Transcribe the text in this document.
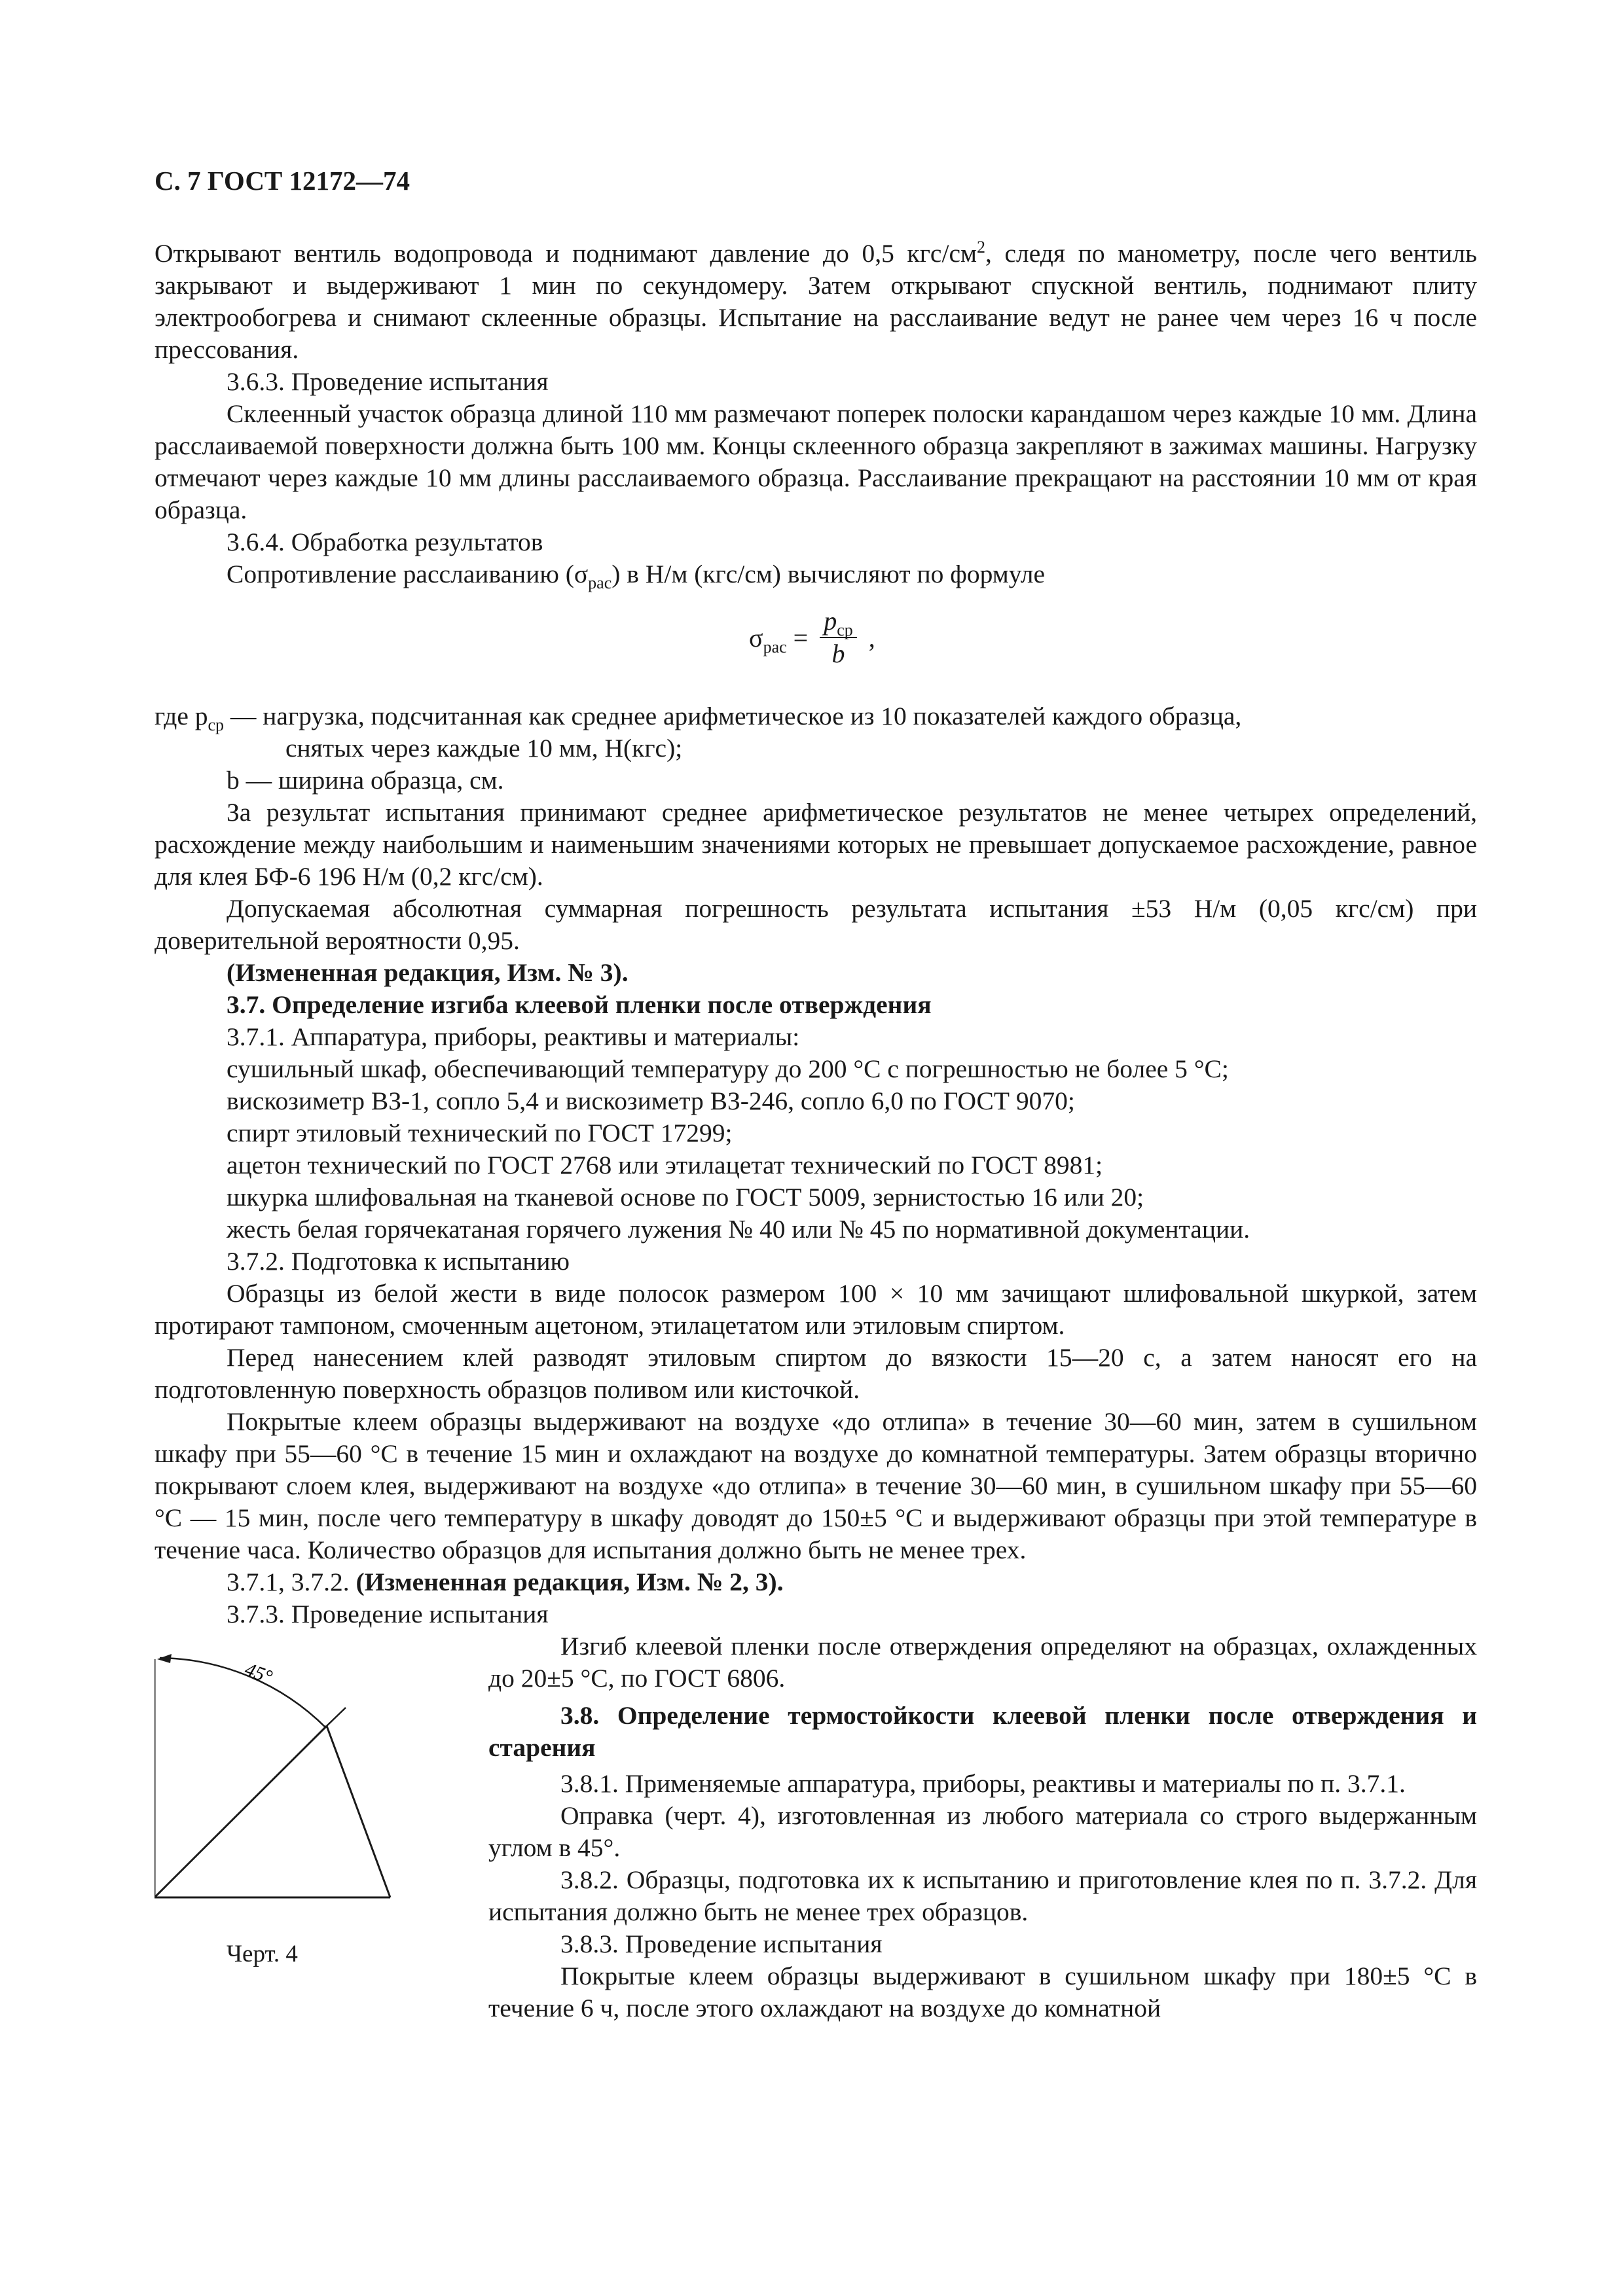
С. 7 ГОСТ 12172—74

Открывают вентиль водопровода и поднимают давление до 0,5 кгс/$см^2$, следя по манометру, после чего вентиль закрывают и выдерживают 1 мин по секундомеру. Затем открывают спускной вентиль, поднимают плиту электрообогрева и снимают склеенные образцы. Испытание на расслаивание ведут не ранее чем через 16 ч после прессования.

3.6.3. Проведение испытания

Склеенный участок образца длиной 110 мм размечают поперек полоски карандашом через каждые 10 мм. Длина расслаиваемой поверхности должна быть 100 мм. Концы склеенного образца закрепляют в зажимах машины. Нагрузку отмечают через каждые 10 мм длины расслаиваемого образца. Расслаивание прекращают на расстоянии 10 мм от края образца.

3.6.4. Обработка результатов

Сопротивление расслаиванию $(\sigma_{рас})$ в Н/м (кгс/см) вычисляют по формуле

$\sigma_{рас} = \frac{p_{ср}}{b}$ ,

где $p_{ср}$ — нагрузка, подсчитанная как среднее арифметическое из 10 показателей каждого образца,

снятых через каждые 10 мм, Н(кгс);

b — ширина образца, см.

За результат испытания принимают среднее арифметическое результатов не менее четырех определений, расхождение между наибольшим и наименьшим значениями которых не превышает допускаемое расхождение, равное для клея БФ-6 196 Н/м (0,2 кгс/см).

Допускаемая абсолютная суммарная погрешность результата испытания ±53 Н/м (0,05 кгс/см) при доверительной вероятности 0,95.

(Измененная редакция, Изм. № 3).

3.7. Определение изгиба клеевой пленки после отверждения

3.7.1. Аппаратура, приборы, реактивы и материалы:

сушильный шкаф, обеспечивающий температуру до 200 °С с погрешностью не более 5 °С;

вискозиметр ВЗ-1, сопло 5,4 и вискозиметр ВЗ-246, сопло 6,0 по ГОСТ 9070;

спирт этиловый технический по ГОСТ 17299;

ацетон технический по ГОСТ 2768 или этилацетат технический по ГОСТ 8981;

шкурка шлифовальная на тканевой основе по ГОСТ 5009, зернистостью 16 или 20;

жесть белая горячекатаная горячего лужения № 40 или № 45 по нормативной документации.

3.7.2. Подготовка к испытанию

Образцы из белой жести в виде полосок размером 100 × 10 мм зачищают шлифовальной шкуркой, затем протирают тампоном, смоченным ацетоном, этилацетатом или этиловым спиртом.

Перед нанесением клей разводят этиловым спиртом до вязкости 15—20 с, а затем наносят его на подготовленную поверхность образцов поливом или кисточкой.

Покрытые клеем образцы выдерживают на воздухе «до отлипа» в течение 30—60 мин, затем в сушильном шкафу при 55—60 °С в течение 15 мин и охлаждают на воздухе до комнатной температуры. Затем образцы вторично покрывают слоем клея, выдерживают на воздухе «до отлипа» в течение 30—60 мин, в сушильном шкафу при 55—60 °С — 15 мин, после чего температуру в шкафу доводят до 150±5 °С и выдерживают образцы при этой температуре в течение часа. Количество образцов для испытания должно быть не менее трех.

3.7.1, 3.7.2. (Измененная редакция, Изм. № 2, 3).

3.7.3. Проведение испытания

45°
Черт. 4

Изгиб клеевой пленки после отверждения определяют на образцах, охлажденных до 20±5 °С, по ГОСТ 6806.

3.8. Определение термостойкости клеевой пленки после отверждения и старения

3.8.1. Применяемые аппаратура, приборы, реактивы и материалы по п. 3.7.1.

Оправка (черт. 4), изготовленная из любого материала со строго выдержанным углом в 45°.

3.8.2. Образцы, подготовка их к испытанию и приготовление клея по п. 3.7.2. Для испытания должно быть не менее трех образцов.

3.8.3. Проведение испытания

Покрытые клеем образцы выдерживают в сушильном шкафу при 180±5 °С в течение 6 ч, после этого охлаждают на воздухе до комнатной
